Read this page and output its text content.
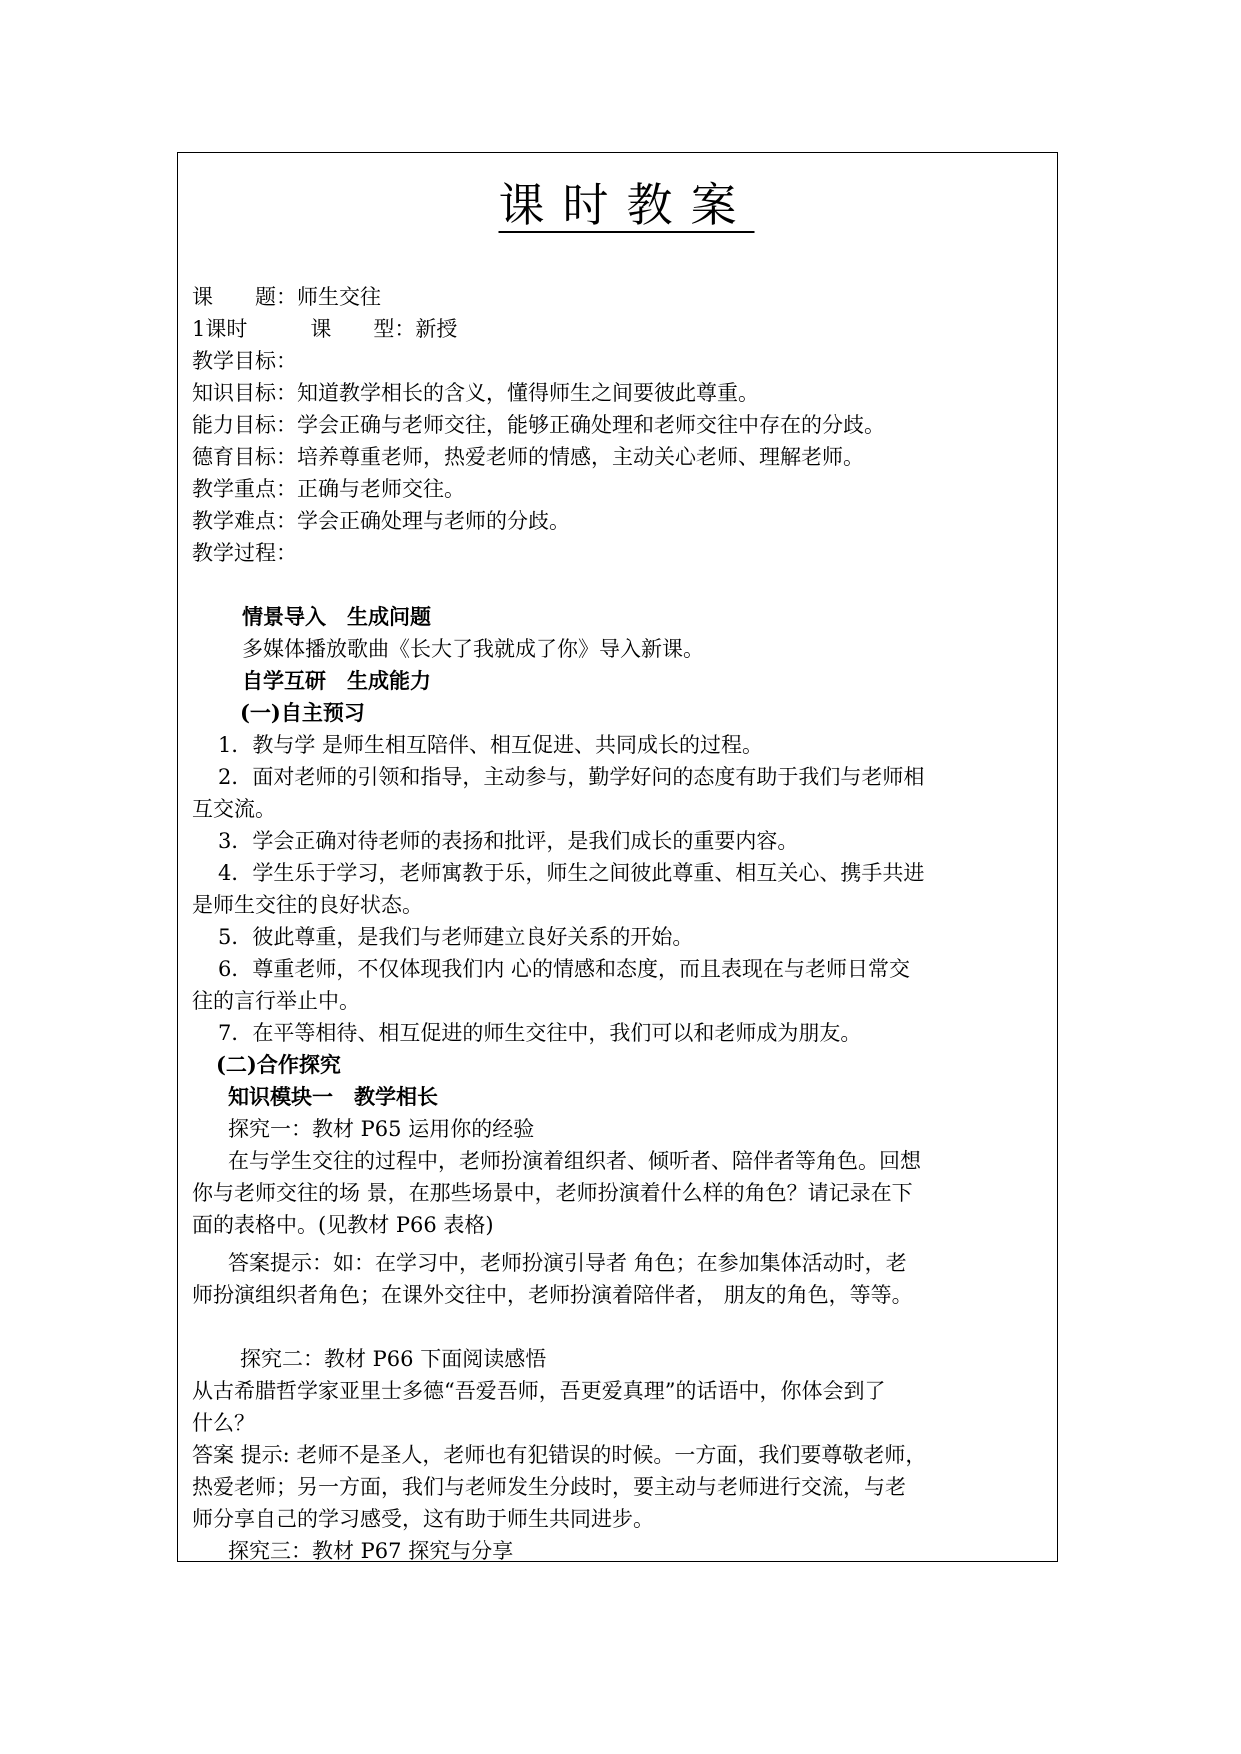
课时教案
课　　题：师生交往
1课时　　　课　　型：新授
教学目标：
知识目标：知道教学相长的含义，懂得师生之间要彼此尊重。
能力目标：学会正确与老师交往，能够正确处理和老师交往中存在的分歧。
德育目标：培养尊重老师，热爱老师的情感，主动关心老师、理解老师。
教学重点：正确与老师交往。
教学难点：学会正确处理与老师的分歧。
教学过程：
情景导入　生成问题
多媒体播放歌曲《长大了我就成了你》导入新课。
自学互研　生成能力
(一)自主预习
1．教与学 是师生相互陪伴、相互促进、共同成长的过程。
2．面对老师的引领和指导，主动参与，勤学好问的态度有助于我们与老师相
互交流。
3．学会正确对待老师的表扬和批评，是我们成长的重要内容。
4．学生乐于学习，老师寓教于乐，师生之间彼此尊重、相互关心、携手共进
是师生交往的良好状态。
5．彼此尊重，是我们与老师建立良好关系的开始。
6．尊重老师，不仅体现我们内 心的情感和态度，而且表现在与老师日常交
往的言行举止中。
7．在平等相待、相互促进的师生交往中，我们可以和老师成为朋友。
(二)合作探究
知识模块一　教学相长
探究一：教材 P65 运用你的经验
在与学生交往的过程中，老师扮演着组织者、倾听者、陪伴者等角色。回想
你与老师交往的场 景，在那些场景中，老师扮演着什么样的角色？请记录在下
面的表格中。(见教材 P66 表格)
答案提示：如：在学习中，老师扮演引导者 角色；在参加集体活动时，老
师扮演组织者角色；在课外交往中，老师扮演着陪伴者， 朋友的角色，等等。
探究二：教材 P66 下面阅读感悟
从古希腊哲学家亚里士多德“吾爱吾师，吾更爱真理”的话语中，你体会到了
什么？
答案 提示: 老师不是圣人，老师也有犯错误的时候。一方面，我们要尊敬老师，
热爱老师；另一方面，我们与老师发生分歧时，要主动与老师进行交流，与老
师分享自己的学习感受，这有助于师生共同进步。
探究三：教材 P67 探究与分享
